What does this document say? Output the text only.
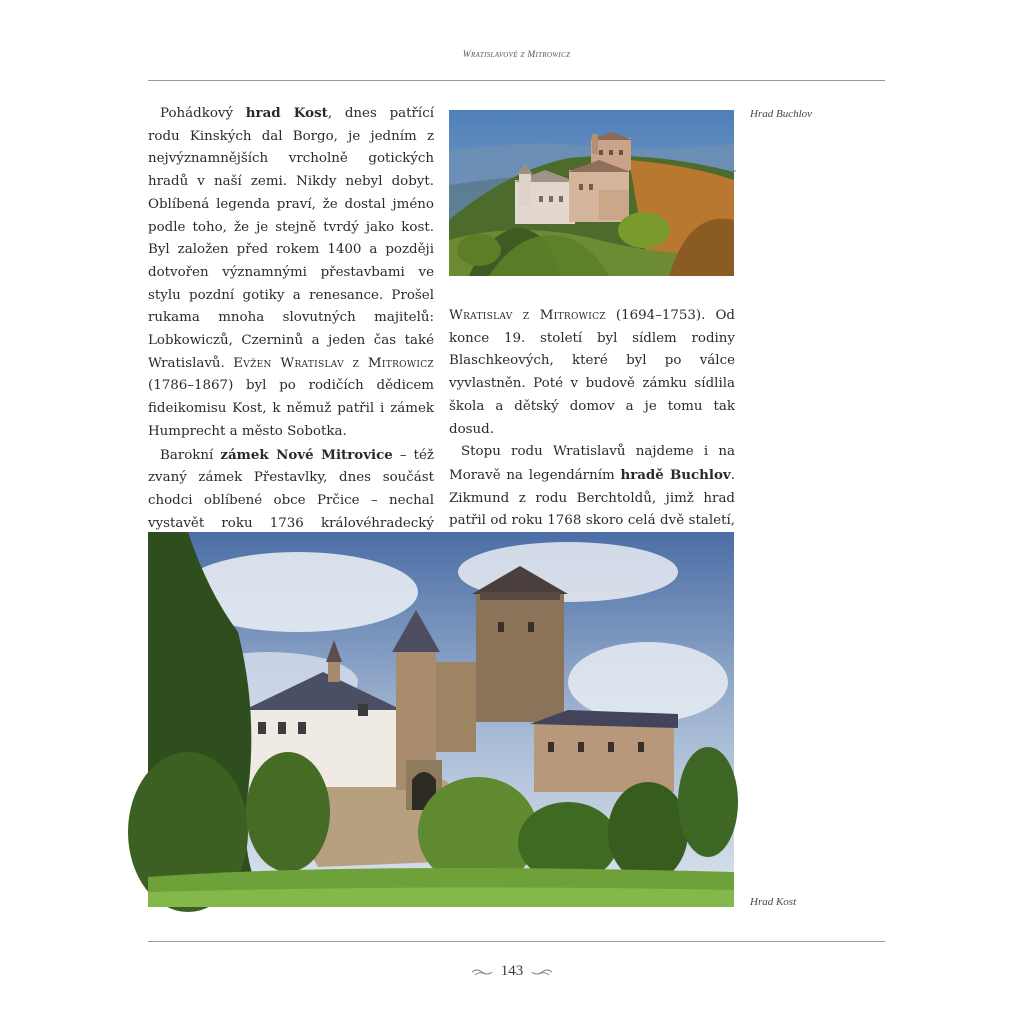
Wratislavové z Mitrowicz

Pohádkový hrad Kost, dnes patřící rodu Kinských dal Borgo, je jedním z nejvýznamnějších vrcholně gotických hradů v naší zemi. Nikdy nebyl dobyt. Oblíbená legenda praví, že dostal jméno podle toho, že je stejně tvrdý jako kost. Byl založen před rokem 1400 a později dotvořen významnými přestavbami ve stylu pozdní gotiky a renesance. Prošel rukama mnoha slovutných majitelů: Lobkowiczů, Czerninů a jeden čas také Wratislavů. Evžen Wratislav z Mitrowicz (1786–1867) byl po rodičích dědicem fideikomisu Kost, k němuž patřil i zámek Humprecht a město Sobotka.

Barokní zámek Nové Mitrovice – též zvaný zámek Přestavlky, dnes součást chodci oblíbené obce Prčice – nechal vystavět roku 1736 královéhradecký

Hrad Buchlov

Wratislav z Mitrowicz (1694–1753). Od konce 19. století byl sídlem rodiny Blaschkeových, které byl po válce vyvlastněn. Poté v budově zámku sídlila škola a dětský domov a je tomu tak dosud.

Stopu rodu Wratislavů najdeme i na Moravě na legendárním hradě Buchlov. Zikmund z rodu Berchtoldů, jimž hrad patřil od roku 1768 skoro celá dvě staletí,

Hrad Kost
143
